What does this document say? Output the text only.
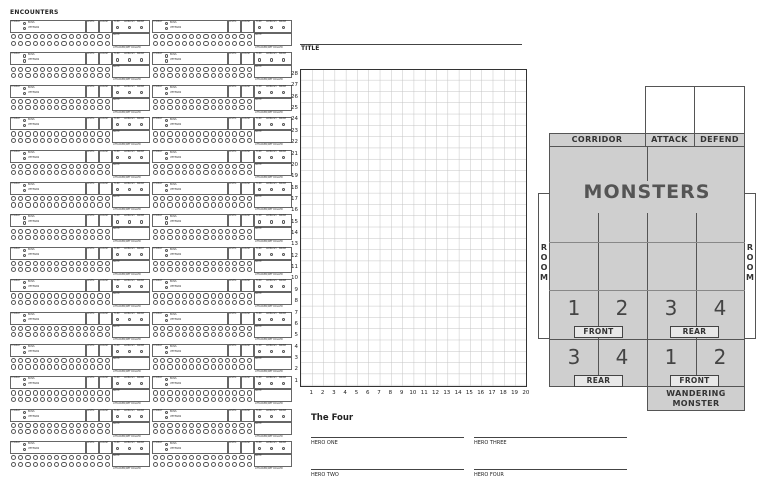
ENCOUNTERS
THREAT	BOSS
VETERAN
LEVEL COUNT FLEE AMBUSH BRIBE
NOTE
ATTACKER/REF ROLLED
THREAT	BOSS
VETERAN
LEVEL COUNT FLEE AMBUSH BRIBE
NOTE
ATTACKER/REF ROLLED
THREAT	BOSS
VETERAN
LEVEL COUNT FLEE AMBUSH BRIBE
NOTE
ATTACKER/REF ROLLED
THREAT	BOSS
VETERAN
LEVEL COUNT FLEE AMBUSH BRIBE
NOTE
ATTACKER/REF ROLLED
THREAT	BOSS
VETERAN
LEVEL COUNT FLEE AMBUSH BRIBE
NOTE
ATTACKER/REF ROLLED
THREAT	BOSS
VETERAN
LEVEL COUNT FLEE AMBUSH BRIBE
NOTE
ATTACKER/REF ROLLED
THREAT	BOSS
VETERAN
LEVEL COUNT FLEE AMBUSH BRIBE
NOTE
ATTACKER/REF ROLLED
THREAT	BOSS
VETERAN
LEVEL COUNT FLEE AMBUSH BRIBE
NOTE
ATTACKER/REF ROLLED
THREAT	BOSS
VETERAN
LEVEL COUNT FLEE AMBUSH BRIBE
NOTE
ATTACKER/REF ROLLED
THREAT	BOSS
VETERAN
LEVEL COUNT FLEE AMBUSH BRIBE
NOTE
ATTACKER/REF ROLLED
THREAT	BOSS
VETERAN
LEVEL COUNT FLEE AMBUSH BRIBE
NOTE
ATTACKER/REF ROLLED
THREAT	BOSS
VETERAN
LEVEL COUNT FLEE AMBUSH BRIBE
NOTE
ATTACKER/REF ROLLED
THREAT	BOSS
VETERAN
LEVEL COUNT FLEE AMBUSH BRIBE
NOTE
ATTACKER/REF ROLLED
THREAT	BOSS
VETERAN
LEVEL COUNT FLEE AMBUSH BRIBE
NOTE
ATTACKER/REF ROLLED
THREAT	BOSS
VETERAN
LEVEL COUNT FLEE AMBUSH BRIBE
NOTE
ATTACKER/REF ROLLED
THREAT	BOSS
VETERAN
LEVEL COUNT FLEE AMBUSH BRIBE
NOTE
ATTACKER/REF ROLLED
THREAT	BOSS
VETERAN
LEVEL COUNT FLEE AMBUSH BRIBE
NOTE
ATTACKER/REF ROLLED
THREAT	BOSS
VETERAN
LEVEL COUNT FLEE AMBUSH BRIBE
NOTE
ATTACKER/REF ROLLED
THREAT	BOSS
VETERAN
LEVEL COUNT FLEE AMBUSH BRIBE
NOTE
ATTACKER/REF ROLLED
THREAT	BOSS
VETERAN
LEVEL COUNT FLEE AMBUSH BRIBE
NOTE
ATTACKER/REF ROLLED
THREAT	BOSS
VETERAN
LEVEL COUNT FLEE AMBUSH BRIBE
NOTE
ATTACKER/REF ROLLED
THREAT	BOSS
VETERAN
LEVEL COUNT FLEE AMBUSH BRIBE
NOTE
ATTACKER/REF ROLLED
THREAT	BOSS
VETERAN
LEVEL COUNT FLEE AMBUSH BRIBE
NOTE
ATTACKER/REF ROLLED
THREAT	BOSS
VETERAN
LEVEL COUNT FLEE AMBUSH BRIBE
NOTE
ATTACKER/REF ROLLED
THREAT	BOSS
VETERAN
LEVEL COUNT FLEE AMBUSH BRIBE
NOTE
ATTACKER/REF ROLLED
THREAT	BOSS
VETERAN
LEVEL COUNT FLEE AMBUSH BRIBE
NOTE
ATTACKER/REF ROLLED
THREAT	BOSS
VETERAN
LEVEL COUNT FLEE AMBUSH BRIBE
NOTE
ATTACKER/REF ROLLED
THREAT	BOSS
VETERAN
LEVEL COUNT FLEE AMBUSH BRIBE
NOTE
ATTACKER/REF ROLLED
TITLE
28
27
26
25
24
23
22
21
20
19
18
17
16
15
14
13
12
11
10
9
8
7
6
5
4
3
2
1
1	2	3	4	5	6	7	8	9	10 11 12 13 14 15 16 17 18 19 20
The Four
HERO ONE	HERO THREE
HERO TWO	HERO FOUR
CORRIDOR	ATTACK	DEFEND
MONSTERS
R
O
O
M
R
O
O
M
1	2	3	4
FRONT	REAR
3	4	1	2
REAR	FRONT
WANDERING
MONSTER
